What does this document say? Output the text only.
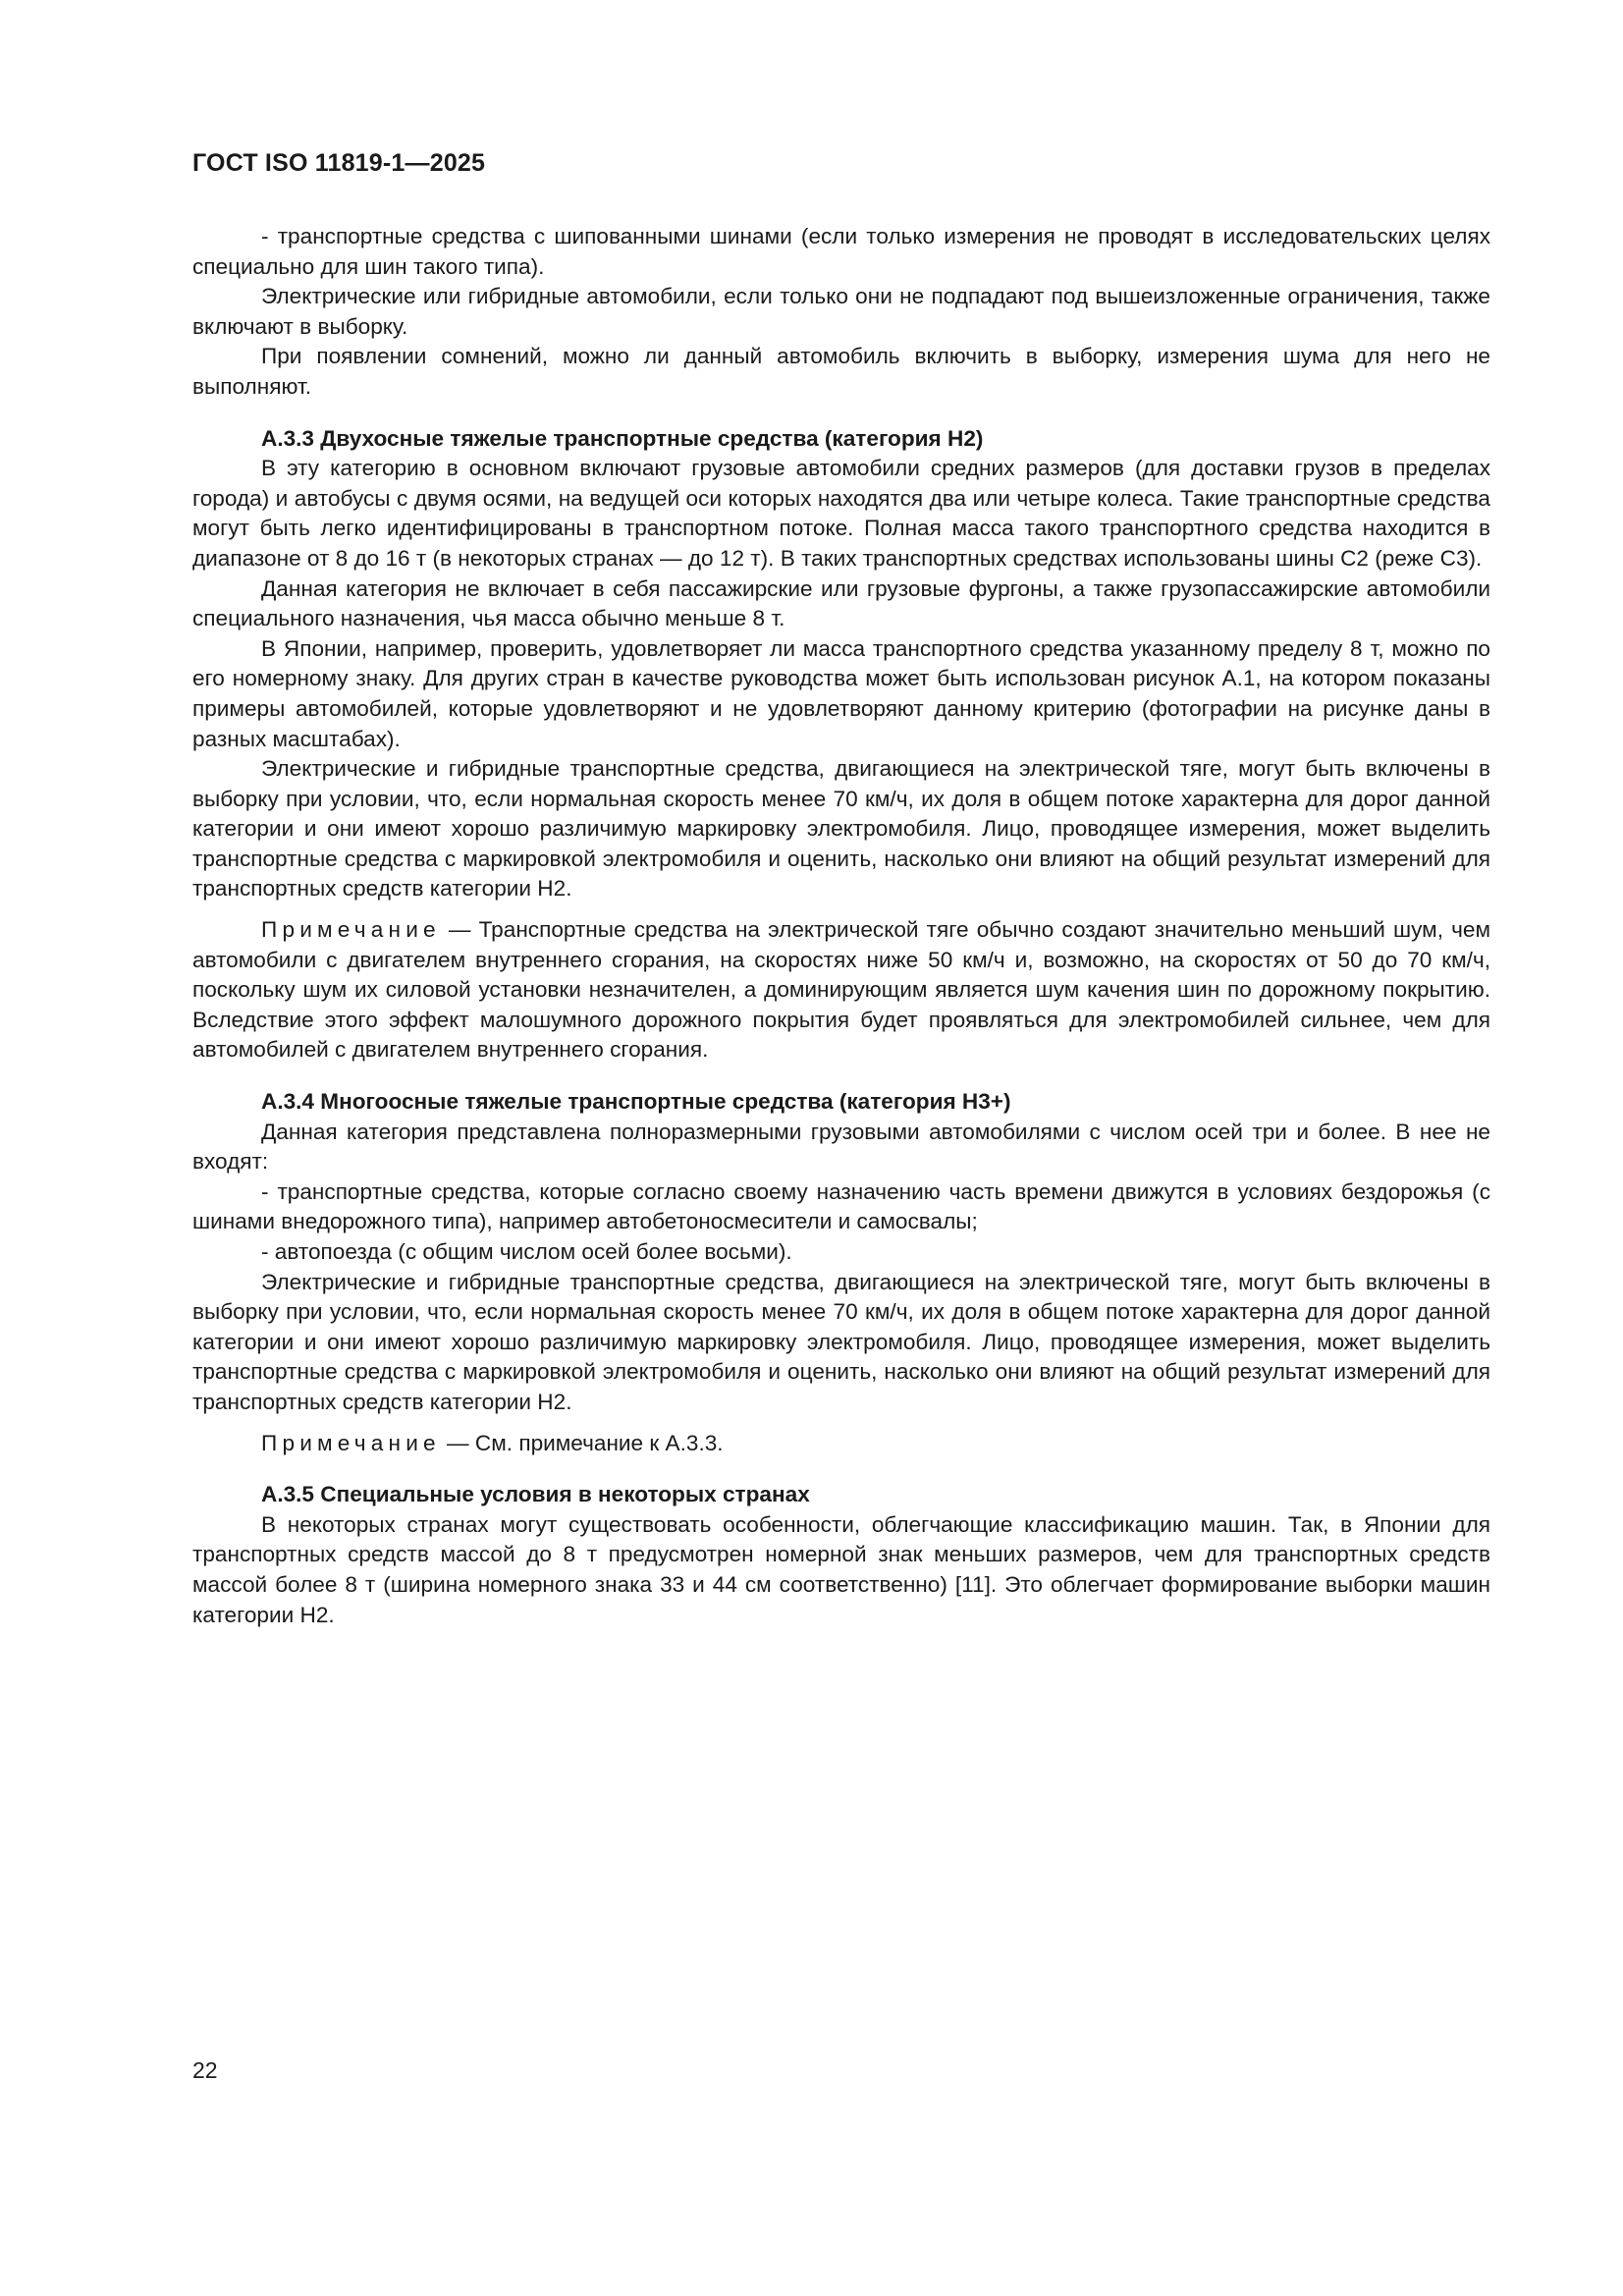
ГОСТ ISO 11819-1—2025

- транспортные средства с шипованными шинами (если только измерения не проводят в исследовательских целях специально для шин такого типа).

Электрические или гибридные автомобили, если только они не подпадают под вышеизложенные ограничения, также включают в выборку.

При появлении сомнений, можно ли данный автомобиль включить в выборку, измерения шума для него не выполняют.

А.3.3 Двухосные тяжелые транспортные средства (категория H2)

В эту категорию в основном включают грузовые автомобили средних размеров (для доставки грузов в пределах города) и автобусы с двумя осями, на ведущей оси которых находятся два или четыре колеса. Такие транспортные средства могут быть легко идентифицированы в транспортном потоке. Полная масса такого транспортного средства находится в диапазоне от 8 до 16 т (в некоторых странах — до 12 т). В таких транспортных средствах использованы шины С2 (реже С3).

Данная категория не включает в себя пассажирские или грузовые фургоны, а также грузопассажирские автомобили специального назначения, чья масса обычно меньше 8 т.

В Японии, например, проверить, удовлетворяет ли масса транспортного средства указанному пределу 8 т, можно по его номерному знаку. Для других стран в качестве руководства может быть использован рисунок А.1, на котором показаны примеры автомобилей, которые удовлетворяют и не удовлетворяют данному критерию (фотографии на рисунке даны в разных масштабах).

Электрические и гибридные транспортные средства, двигающиеся на электрической тяге, могут быть включены в выборку при условии, что, если нормальная скорость менее 70 км/ч, их доля в общем потоке характерна для дорог данной категории и они имеют хорошо различимую маркировку электромобиля. Лицо, проводящее измерения, может выделить транспортные средства с маркировкой электромобиля и оценить, насколько они влияют на общий результат измерений для транспортных средств категории H2.

Примечание — Транспортные средства на электрической тяге обычно создают значительно меньший шум, чем автомобили с двигателем внутреннего сгорания, на скоростях ниже 50 км/ч и, возможно, на скоростях от 50 до 70 км/ч, поскольку шум их силовой установки незначителен, а доминирующим является шум качения шин по дорожному покрытию. Вследствие этого эффект малошумного дорожного покрытия будет проявляться для электромобилей сильнее, чем для автомобилей с двигателем внутреннего сгорания.

А.3.4 Многоосные тяжелые транспортные средства (категория H3+)

Данная категория представлена полноразмерными грузовыми автомобилями с числом осей три и более. В нее не входят:

- транспортные средства, которые согласно своему назначению часть времени движутся в условиях бездорожья (с шинами внедорожного типа), например автобетоносмесители и самосвалы;

- автопоезда (с общим числом осей более восьми).

Электрические и гибридные транспортные средства, двигающиеся на электрической тяге, могут быть включены в выборку при условии, что, если нормальная скорость менее 70 км/ч, их доля в общем потоке характерна для дорог данной категории и они имеют хорошо различимую маркировку электромобиля. Лицо, проводящее измерения, может выделить транспортные средства с маркировкой электромобиля и оценить, насколько они влияют на общий результат измерений для транспортных средств категории H2.

Примечание — См. примечание к А.3.3.

А.3.5 Специальные условия в некоторых странах

В некоторых странах могут существовать особенности, облегчающие классификацию машин. Так, в Японии для транспортных средств массой до 8 т предусмотрен номерной знак меньших размеров, чем для транспортных средств массой более 8 т (ширина номерного знака 33 и 44 см соответственно) [11]. Это облегчает формирование выборки машин категории H2.

22
